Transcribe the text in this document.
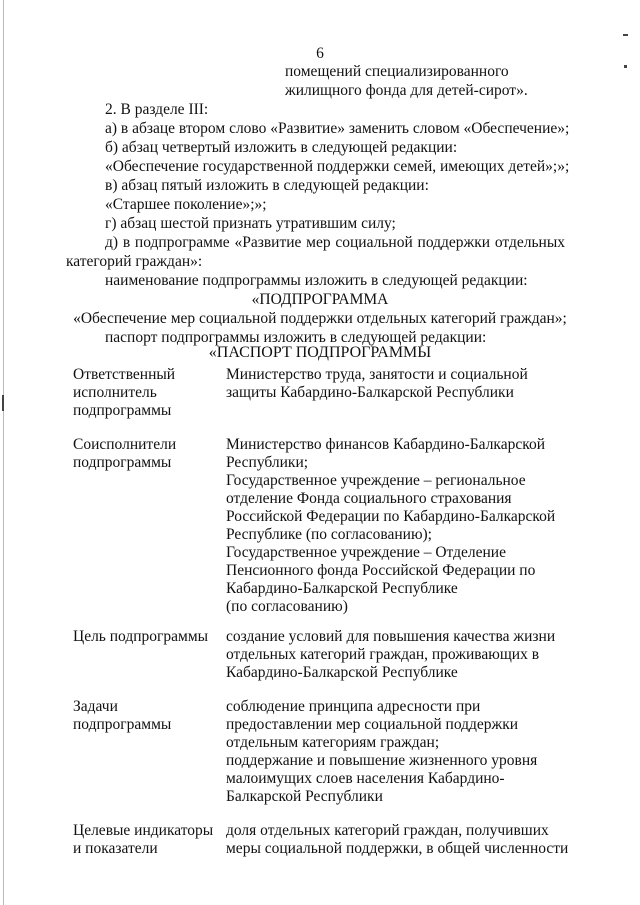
6
помещений специализированного
жилищного фонда для детей-сирот».
2. В разделе III:
а) в абзаце втором слово «Развитие» заменить словом «Обеспечение»;
б) абзац четвертый изложить в следующей редакции:
«Обеспечение государственной поддержки семей, имеющих детей»;»;
в) абзац пятый изложить в следующей редакции:
«Старшее поколение»;»;
г) абзац шестой признать утратившим силу;
д) в подпрограмме «Развитие мер социальной поддержки отдельных
категорий граждан»:
наименование подпрограммы изложить в следующей редакции:
«ПОДПРОГРАММА
«Обеспечение мер социальной поддержки отдельных категорий граждан»;
паспорт подпрограммы изложить в следующей редакции:
«ПАСПОРТ ПОДПРОГРАММЫ
Ответственный
исполнитель
подпрограммы
Министерство труда, занятости и социальной
защиты Кабардино-Балкарской Республики
Соисполнители
подпрограммы
Министерство финансов Кабардино-Балкарской
Республики;
Государственное учреждение – региональное
отделение Фонда социального страхования
Российской Федерации по Кабардино-Балкарской
Республике (по согласованию);
Государственное учреждение – Отделение
Пенсионного фонда Российской Федерации по
Кабардино-Балкарской Республике
(по согласованию)
Цель подпрограммы	создание условий для повышения качества жизни
отдельных категорий граждан, проживающих в
Кабардино-Балкарской Республике
Задачи
подпрограммы
соблюдение принципа адресности при
предоставлении мер социальной поддержки
отдельным категориям граждан;
поддержание и повышение жизненного уровня
малоимущих слоев населения Кабардино-
Балкарской Республики
Целевые индикаторы
и показатели
доля отдельных категорий граждан, получивших
меры социальной поддержки, в общей численности
